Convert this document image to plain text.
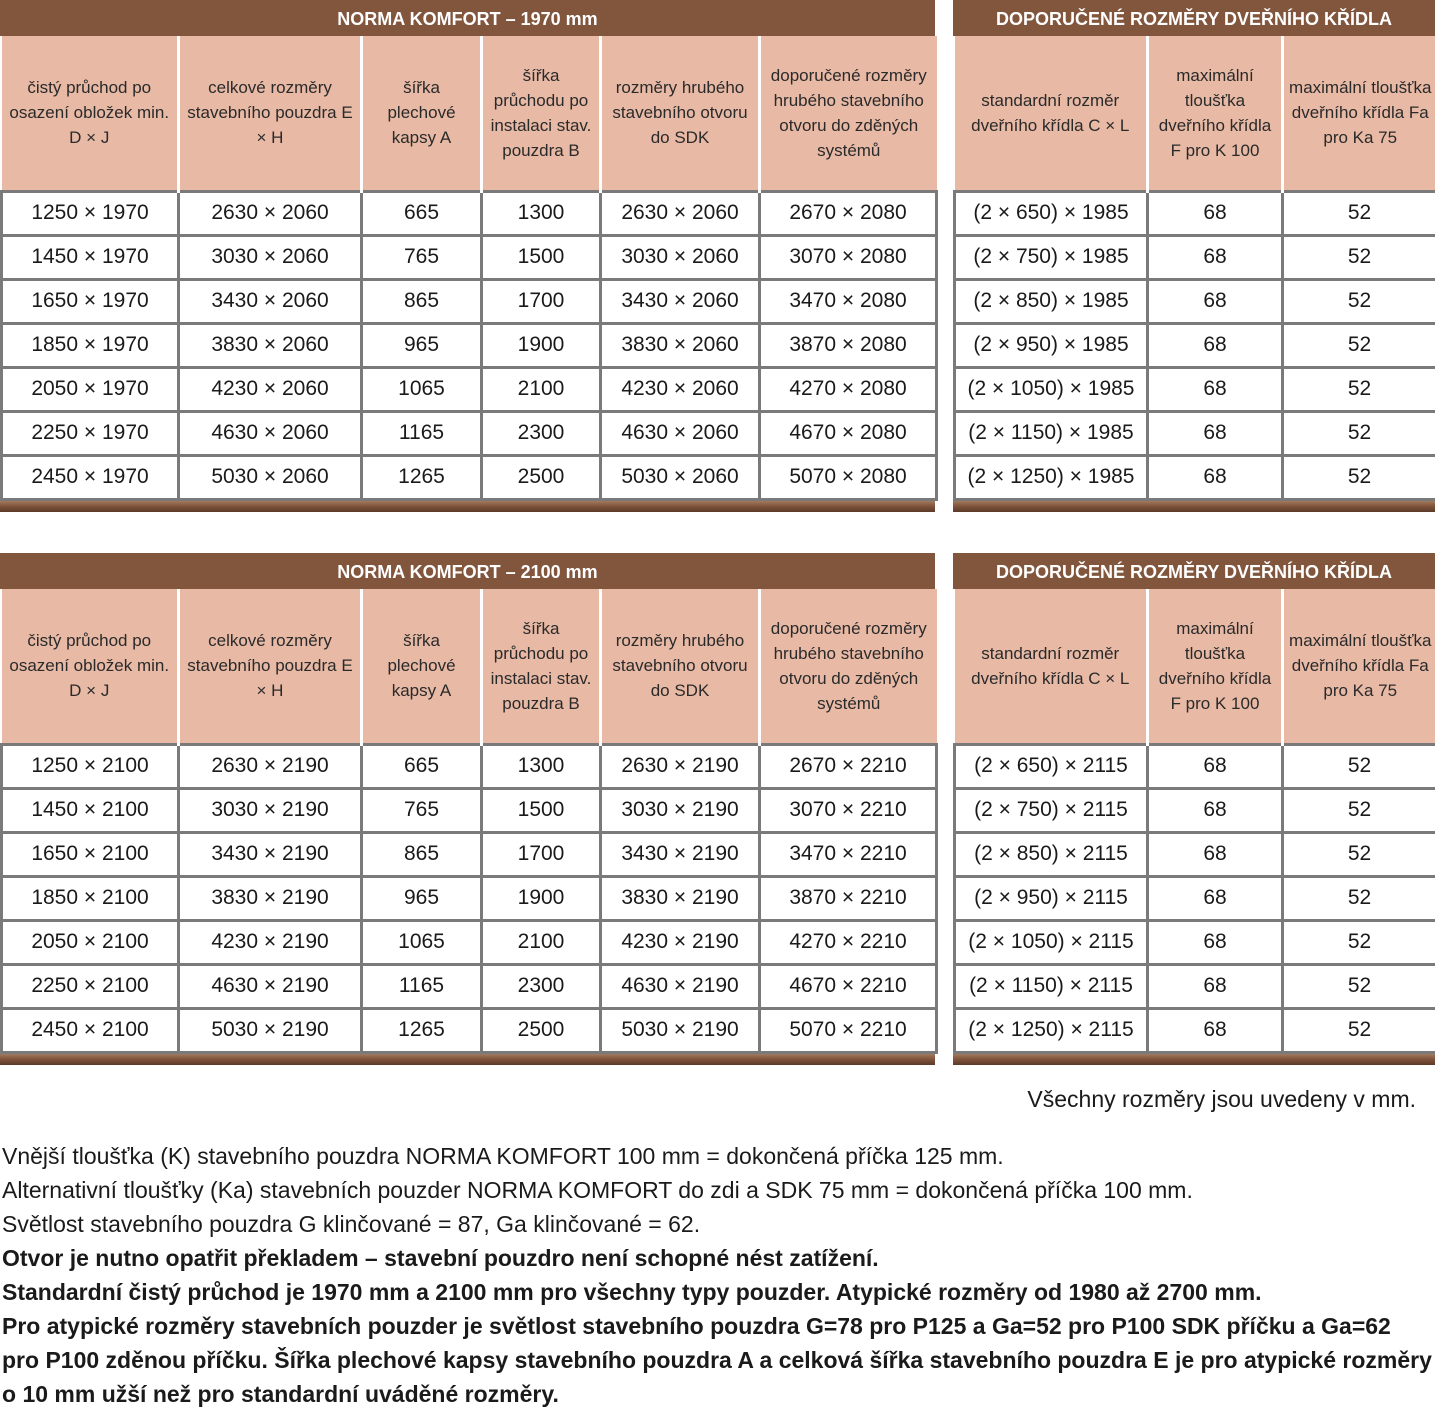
NORMA KOMFORT – 1970 mm
čistý průchod po osazení obložek min. D × J	celkové rozměry stavebního pouzdra E × H	šířka plechové kapsy A	šířka průchodu po instalaci stav. pouzdra B	rozměry hrubého stavebního otvoru do SDK	doporučené rozměry hrubého stavebního otvoru do zděných systémů
1250 × 1970	2630 × 2060	665	1300	2630 × 2060	2670 × 2080
1450 × 1970	3030 × 2060	765	1500	3030 × 2060	3070 × 2080
1650 × 1970	3430 × 2060	865	1700	3430 × 2060	3470 × 2080
1850 × 1970	3830 × 2060	965	1900	3830 × 2060	3870 × 2080
2050 × 1970	4230 × 2060	1065	2100	4230 × 2060	4270 × 2080
2250 × 1970	4630 × 2060	1165	2300	4630 × 2060	4670 × 2080
2450 × 1970	5030 × 2060	1265	2500	5030 × 2060	5070 × 2080
DOPORUČENÉ ROZMĚRY DVEŘNÍHO KŘÍDLA
standardní rozměr dveřního křídla C × L	maximální tloušťka dveřního křídla F pro K 100	maximální tloušťka dveřního křídla Fa pro Ka 75
(2 × 650) × 1985	68	52
(2 × 750) × 1985	68	52
(2 × 850) × 1985	68	52
(2 × 950) × 1985	68	52
(2 × 1050) × 1985	68	52
(2 × 1150) × 1985	68	52
(2 × 1250) × 1985	68	52
NORMA KOMFORT – 2100 mm
čistý průchod po osazení obložek min. D × J	celkové rozměry stavebního pouzdra E × H	šířka plechové kapsy A	šířka průchodu po instalaci stav. pouzdra B	rozměry hrubého stavebního otvoru do SDK	doporučené rozměry hrubého stavebního otvoru do zděných systémů
1250 × 2100	2630 × 2190	665	1300	2630 × 2190	2670 × 2210
1450 × 2100	3030 × 2190	765	1500	3030 × 2190	3070 × 2210
1650 × 2100	3430 × 2190	865	1700	3430 × 2190	3470 × 2210
1850 × 2100	3830 × 2190	965	1900	3830 × 2190	3870 × 2210
2050 × 2100	4230 × 2190	1065	2100	4230 × 2190	4270 × 2210
2250 × 2100	4630 × 2190	1165	2300	4630 × 2190	4670 × 2210
2450 × 2100	5030 × 2190	1265	2500	5030 × 2190	5070 × 2210
DOPORUČENÉ ROZMĚRY DVEŘNÍHO KŘÍDLA
standardní rozměr dveřního křídla C × L	maximální tloušťka dveřního křídla F pro K 100	maximální tloušťka dveřního křídla Fa pro Ka 75
(2 × 650) × 2115	68	52
(2 × 750) × 2115	68	52
(2 × 850) × 2115	68	52
(2 × 950) × 2115	68	52
(2 × 1050) × 2115	68	52
(2 × 1150) × 2115	68	52
(2 × 1250) × 2115	68	52
Všechny rozměry jsou uvedeny v mm.
Vnější tloušťka (K) stavebního pouzdra NORMA KOMFORT 100 mm = dokončená příčka 125 mm.
Alternativní tloušťky (Ka) stavebních pouzder NORMA KOMFORT do zdi a SDK 75 mm = dokončená příčka 100 mm.
Světlost stavebního pouzdra G klinčované = 87, Ga klinčované = 62.
Otvor je nutno opatřit překladem – stavební pouzdro není schopné nést zatížení.
Standardní čistý průchod je 1970 mm a 2100 mm pro všechny typy pouzder. Atypické rozměry od 1980 až 2700 mm.
Pro atypické rozměry stavebních pouzder je světlost stavebního pouzdra G=78 pro P125 a Ga=52 pro P100 SDK příčku a Ga=62 pro P100 zděnou příčku. Šířka plechové kapsy stavebního pouzdra A a celková šířka stavebního pouzdra E je pro atypické rozměry o 10 mm užší než pro standardní uváděné rozměry.
